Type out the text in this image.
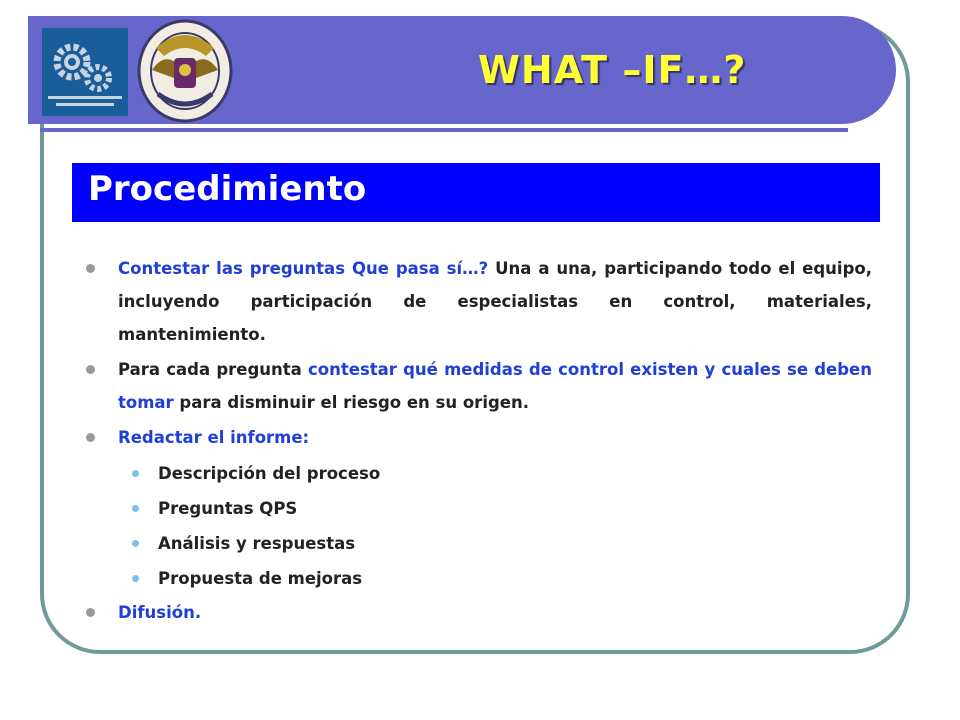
WHAT –IF…?
Procedimiento
Contestar las preguntas Que pasa sí…? Una a una, participando todo el equipo, incluyendo participación de especialistas en control, materiales, mantenimiento.
Para cada pregunta contestar qué medidas de control existen y cuales se deben tomar para disminuir el riesgo en su origen.
Redactar el informe:
Descripción del proceso
Preguntas QPS
Análisis y respuestas
Propuesta de mejoras
Difusión.
